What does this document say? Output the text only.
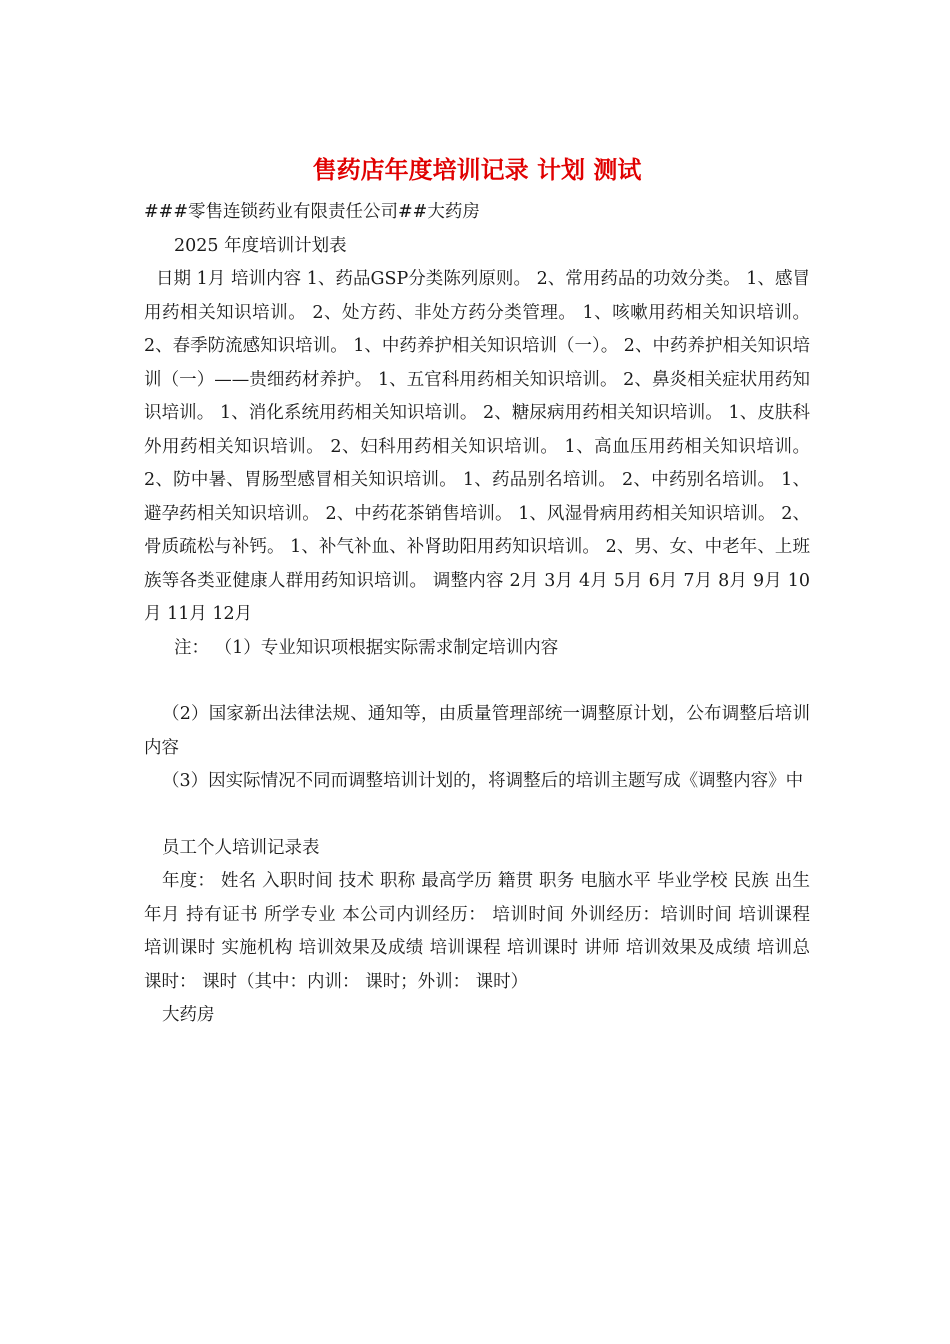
售药店年度培训记录 计划 测试

###零售连锁药业有限责任公司##大药房

2025 年度培训计划表

日期 1月 培训内容 1、药品GSP分类陈列原则。 2、常用药品的功效分类。 1、感冒用药相关知识培训。 2、处方药、非处方药分类管理。 1、咳嗽用药相关知识培训。 2、春季防流感知识培训。 1、中药养护相关知识培训（一）。 2、中药养护相关知识培训（一）——贵细药材养护。 1、五官科用药相关知识培训。 2、鼻炎相关症状用药知识培训。 1、消化系统用药相关知识培训。 2、糖尿病用药相关知识培训。 1、皮肤科外用药相关知识培训。 2、妇科用药相关知识培训。 1、高血压用药相关知识培训。 2、防中暑、胃肠型感冒相关知识培训。 1、药品别名培训。 2、中药别名培训。 1、避孕药相关知识培训。 2、中药花茶销售培训。 1、风湿骨病用药相关知识培训。 2、骨质疏松与补钙。 1、补气补血、补肾助阳用药知识培训。 2、男、女、中老年、上班族等各类亚健康人群用药知识培训。 调整内容 2月 3月 4月 5月 6月 7月 8月 9月 10月 11月 12月

注： （1）专业知识项根据实际需求制定培训内容

（2）国家新出法律法规、通知等，由质量管理部统一调整原计划，公布调整后培训内容

（3）因实际情况不同而调整培训计划的，将调整后的培训主题写成《调整内容》中

员工个人培训记录表

年度： 姓名 入职时间 技术 职称 最高学历 籍贯 职务 电脑水平 毕业学校 民族 出生年月 持有证书 所学专业 本公司内训经历： 培训时间 外训经历：培训时间 培训课程 培训课时 实施机构 培训效果及成绩 培训课程 培训课时 讲师 培训效果及成绩 培训总课时： 课时（其中：内训： 课时；外训： 课时）

大药房
